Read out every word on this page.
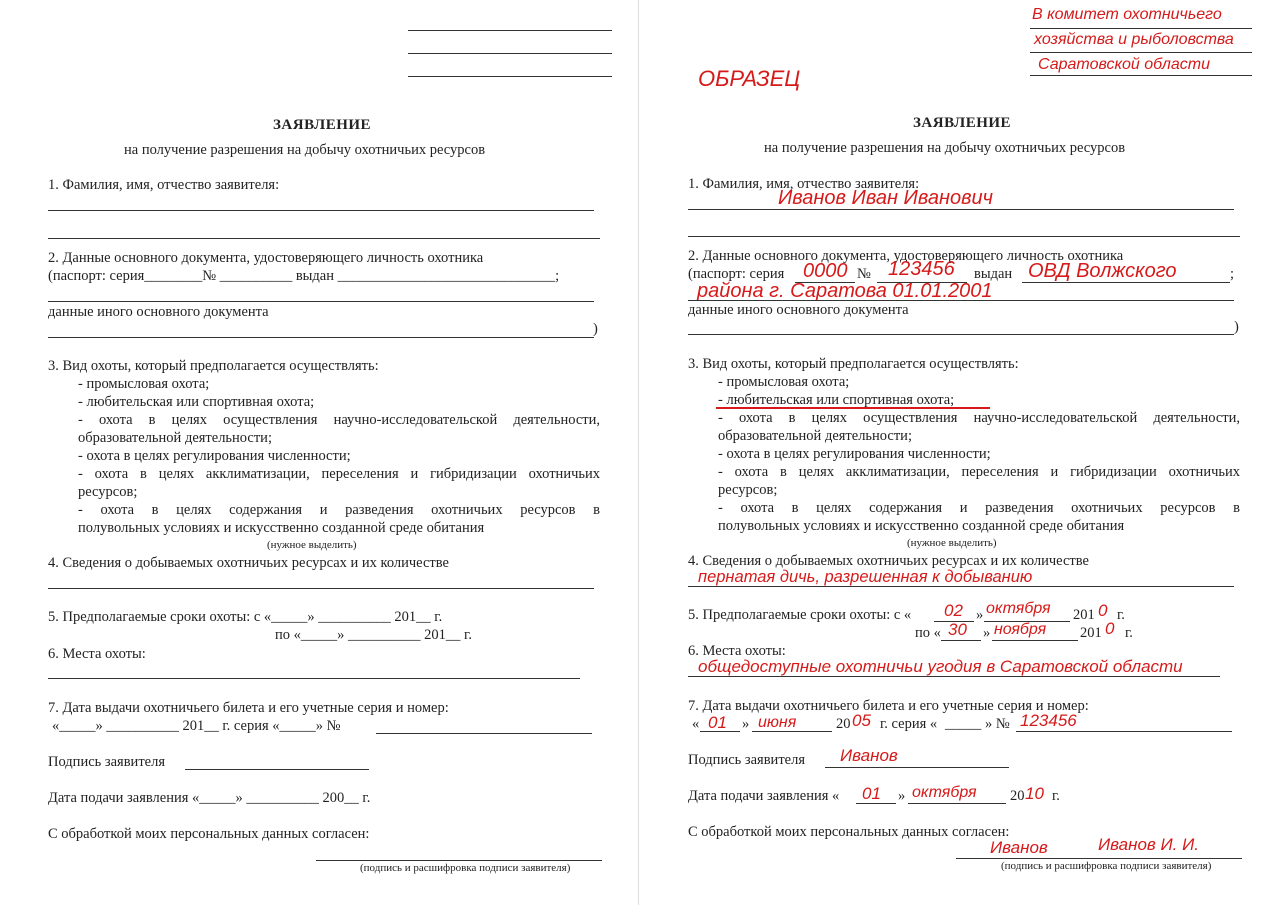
ЗАЯВЛЕНИЕ
на получение разрешения на добычу охотничьих ресурсов
1. Фамилия, имя, отчество заявителя:
2. Данные основного документа, удостоверяющего личность охотника
(паспорт: серия________№ __________ выдан ______________________________;
данные иного основного документа
)
3. Вид охоты, который предполагается осуществлять:
- промысловая охота;
- любительская или спортивная охота;
- охота в целях осуществления научно-исследовательской деятельности,
образовательной деятельности;
- охота в целях регулирования численности;
- охота в целях акклиматизации, переселения и гибридизации охотничьих
ресурсов;
- охота в целях содержания и разведения охотничьих ресурсов в
полувольных условиях и искусственно созданной среде обитания
(нужное выделить)
4. Сведения о добываемых охотничьих ресурсах и их количестве
5. Предполагаемые сроки охоты: с «_____» __________ 201__ г.
по «_____» __________ 201__ г.
6. Места охоты:
7. Дата выдачи охотничьего билета и его учетные серия и номер:
«_____» __________ 201__ г. серия «_____» №
Подпись заявителя
Дата подачи заявления «_____» __________ 200__ г.
С обработкой моих персональных данных согласен:
(подпись и расшифровка подписи заявителя)
В комитет охотничьего
хозяйства и рыболовства
Саратовской области
ОБРАЗЕЦ
ЗАЯВЛЕНИЕ
на получение разрешения на добычу охотничьих ресурсов
1. Фамилия, имя, отчество заявителя:
Иванов Иван Иванович
2. Данные основного документа, удостоверяющего личность охотника
(паспорт: серия 0000 № 123456 выдан ОВД Волжского	;
района г. Саратова 01.01.2001
данные иного основного документа
)
3. Вид охоты, который предполагается осуществлять:
- промысловая охота;
- любительская или спортивная охота;
- охота в целях осуществления научно-исследовательской деятельности,
образовательной деятельности;
- охота в целях регулирования численности;
- охота в целях акклиматизации, переселения и гибридизации охотничьих
ресурсов;
- охота в целях содержания и разведения охотничьих ресурсов в
полувольных условиях и искусственно созданной среде обитания
(нужное выделить)
4. Сведения о добываемых охотничьих ресурсах и их количестве
пернатая дичь, разрешенная к добыванию
5. Предполагаемые сроки охоты: с « 02 » октября 201 0 г.
по « 30 » ноября 201 0 г.
6. Места охоты:
общедоступные охотничьи угодия в Саратовской области
7. Дата выдачи охотничьего билета и его учетные серия и номер:
« 01 » июня	20 05 г. серия « _____ » № 123456
Подпись заявителя Иванов
Дата подачи заявления « 01 » октября 20 10 г.
С обработкой моих персональных данных согласен:
Иванов	Иванов И. И.
(подпись и расшифровка подписи заявителя)
